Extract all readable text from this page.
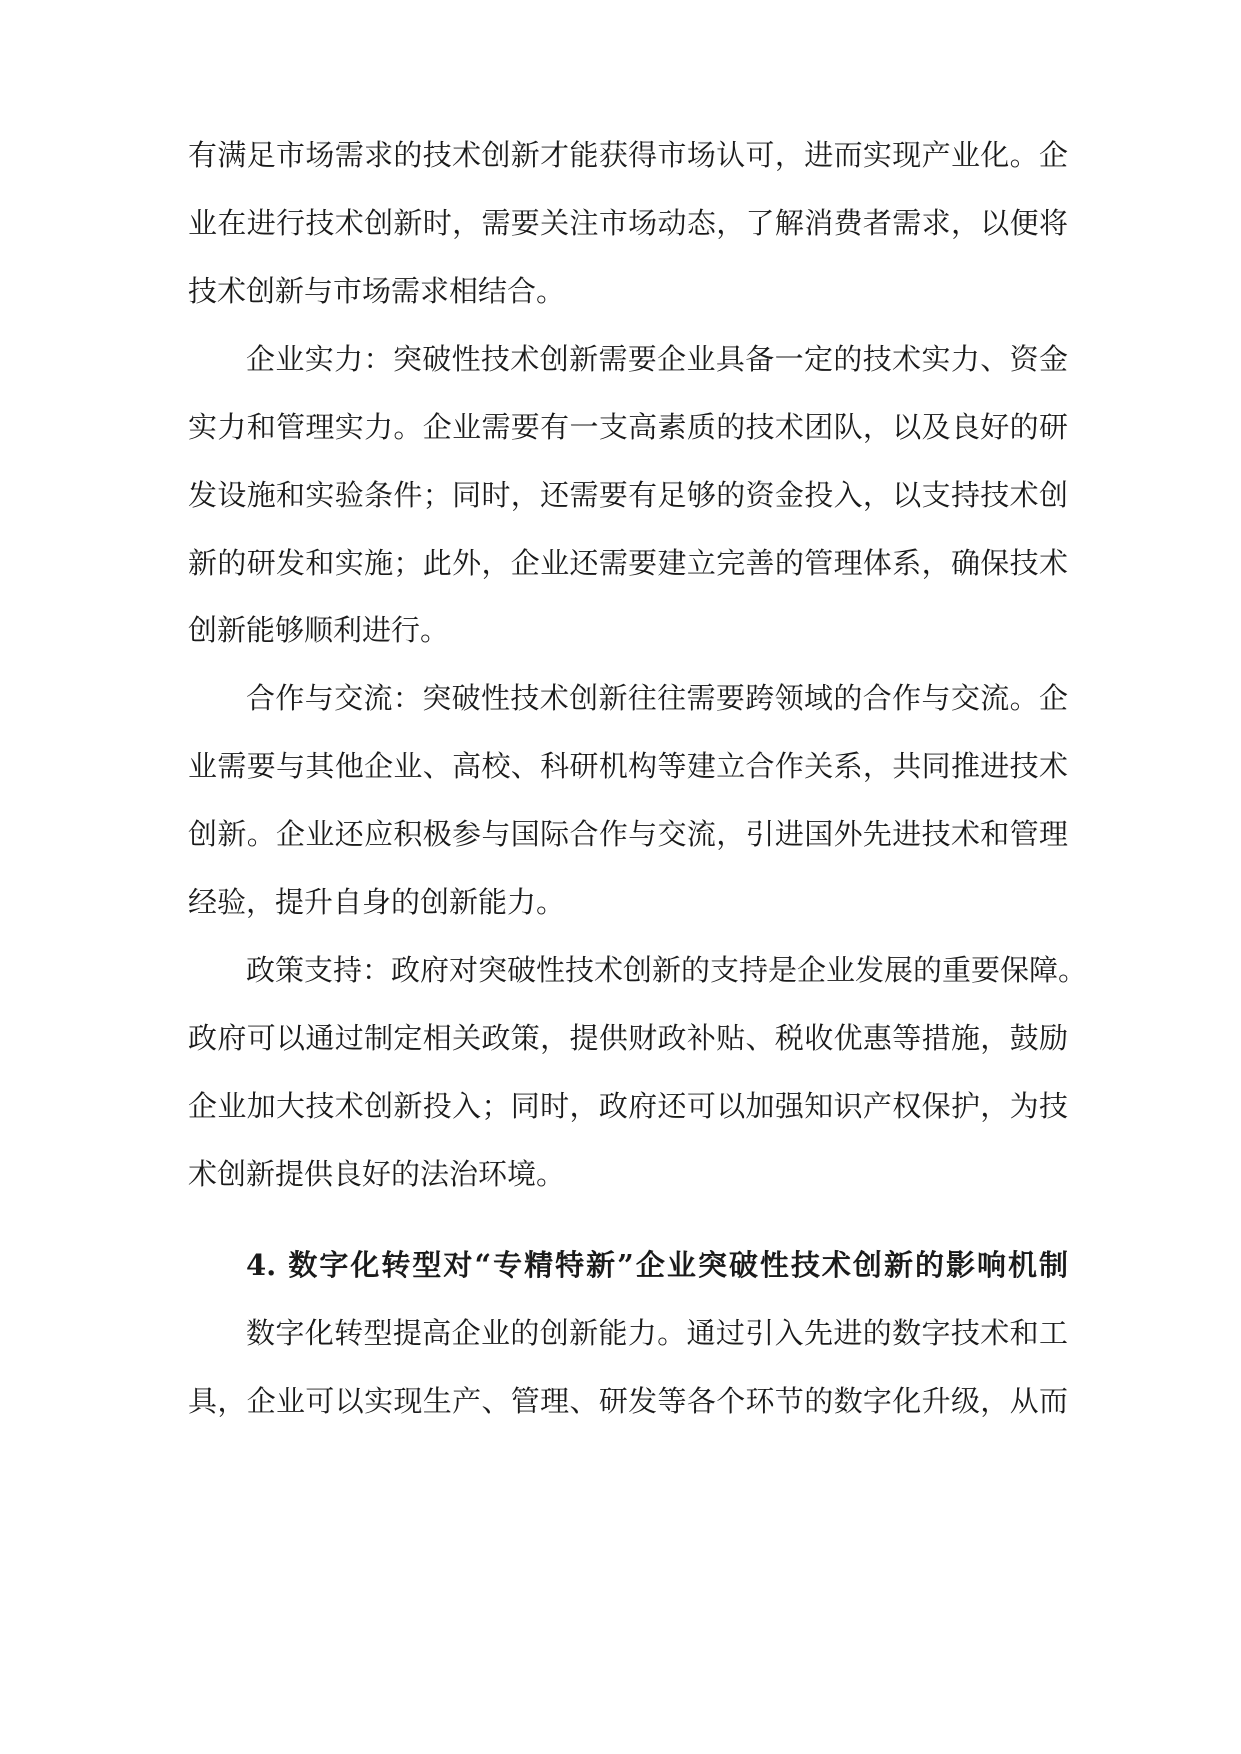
有满足市场需求的技术创新才能获得市场认可，进而实现产业化。企
业在进行技术创新时，需要关注市场动态，了解消费者需求，以便将
技术创新与市场需求相结合。
企业实力：突破性技术创新需要企业具备一定的技术实力、资金
实力和管理实力。企业需要有一支高素质的技术团队，以及良好的研
发设施和实验条件；同时，还需要有足够的资金投入，以支持技术创
新的研发和实施；此外，企业还需要建立完善的管理体系，确保技术
创新能够顺利进行。
合作与交流：突破性技术创新往往需要跨领域的合作与交流。企
业需要与其他企业、高校、科研机构等建立合作关系，共同推进技术
创新。企业还应积极参与国际合作与交流，引进国外先进技术和管理
经验，提升自身的创新能力。
政策支持：政府对突破性技术创新的支持是企业发展的重要保障。
政府可以通过制定相关政策，提供财政补贴、税收优惠等措施，鼓励
企业加大技术创新投入；同时，政府还可以加强知识产权保护，为技
术创新提供良好的法治环境。
4. 数字化转型对“专精特新”企业突破性技术创新的影响机制
数字化转型提高企业的创新能力。通过引入先进的数字技术和工
具，企业可以实现生产、管理、研发等各个环节的数字化升级，从而
